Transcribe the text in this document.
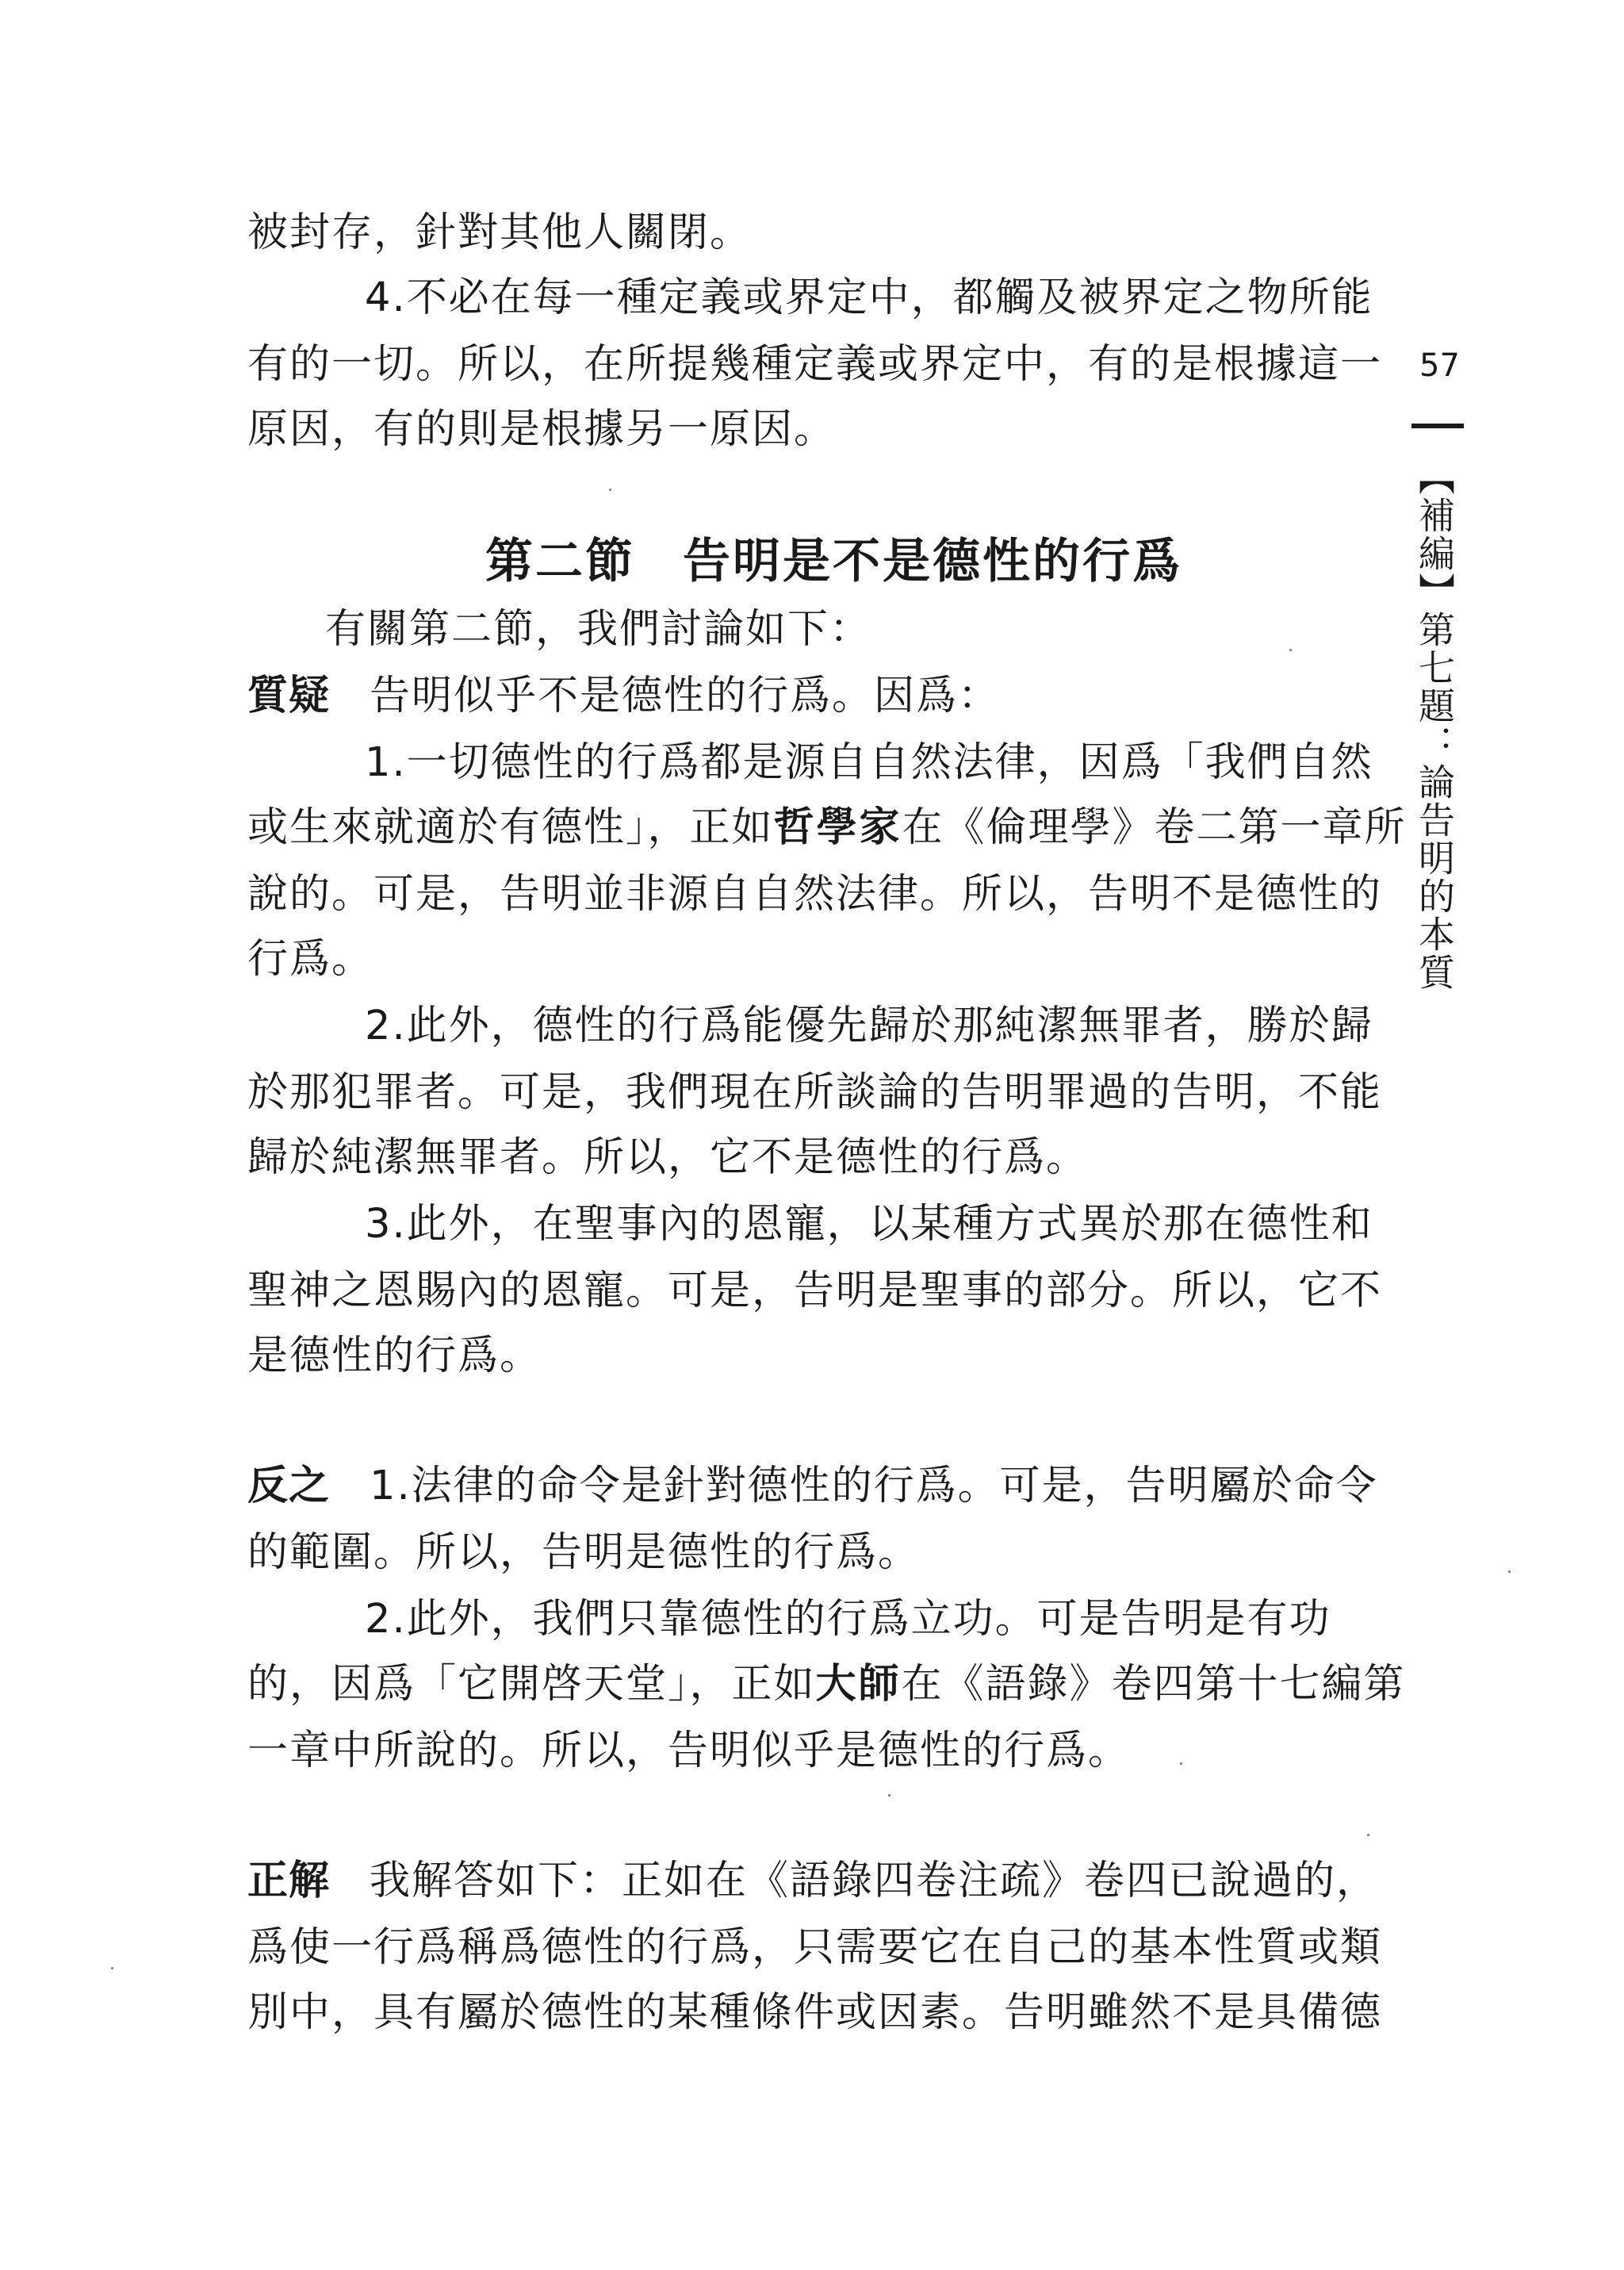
被封存，針對其他人關閉。
4.不必在每一種定義或界定中，都觸及被界定之物所能
有的一切。所以，在所提幾種定義或界定中，有的是根據這一
原因，有的則是根據另一原因。
第二節 告明是不是德性的行爲
有關第二節，我們討論如下：
質疑 告明似乎不是德性的行爲。因爲：
1.一切德性的行爲都是源自自然法律，因爲「我們自然
或生來就適於有德性」，正如哲學家在《倫理學》卷二第一章所
說的。可是，告明並非源自自然法律。所以，告明不是德性的
行爲。
2.此外，德性的行爲能優先歸於那純潔無罪者，勝於歸
於那犯罪者。可是，我們現在所談論的告明罪過的告明，不能
歸於純潔無罪者。所以，它不是德性的行爲。
3.此外，在聖事內的恩寵，以某種方式異於那在德性和
聖神之恩賜內的恩寵。可是，告明是聖事的部分。所以，它不
是德性的行爲。
反之 1.法律的命令是針對德性的行爲。可是，告明屬於命令
的範圍。所以，告明是德性的行爲。
2.此外，我們只靠德性的行爲立功。可是告明是有功
的，因爲「它開啓天堂」，正如大師在《語錄》卷四第十七編第
一章中所說的。所以，告明似乎是德性的行爲。
正解 我解答如下：正如在《語錄四卷注疏》卷四已說過的，
爲使一行爲稱爲德性的行爲，只需要它在自己的基本性質或類
別中，具有屬於德性的某種條件或因素。告明雖然不是具備德
57
【補編】第七題：論告明的本質
